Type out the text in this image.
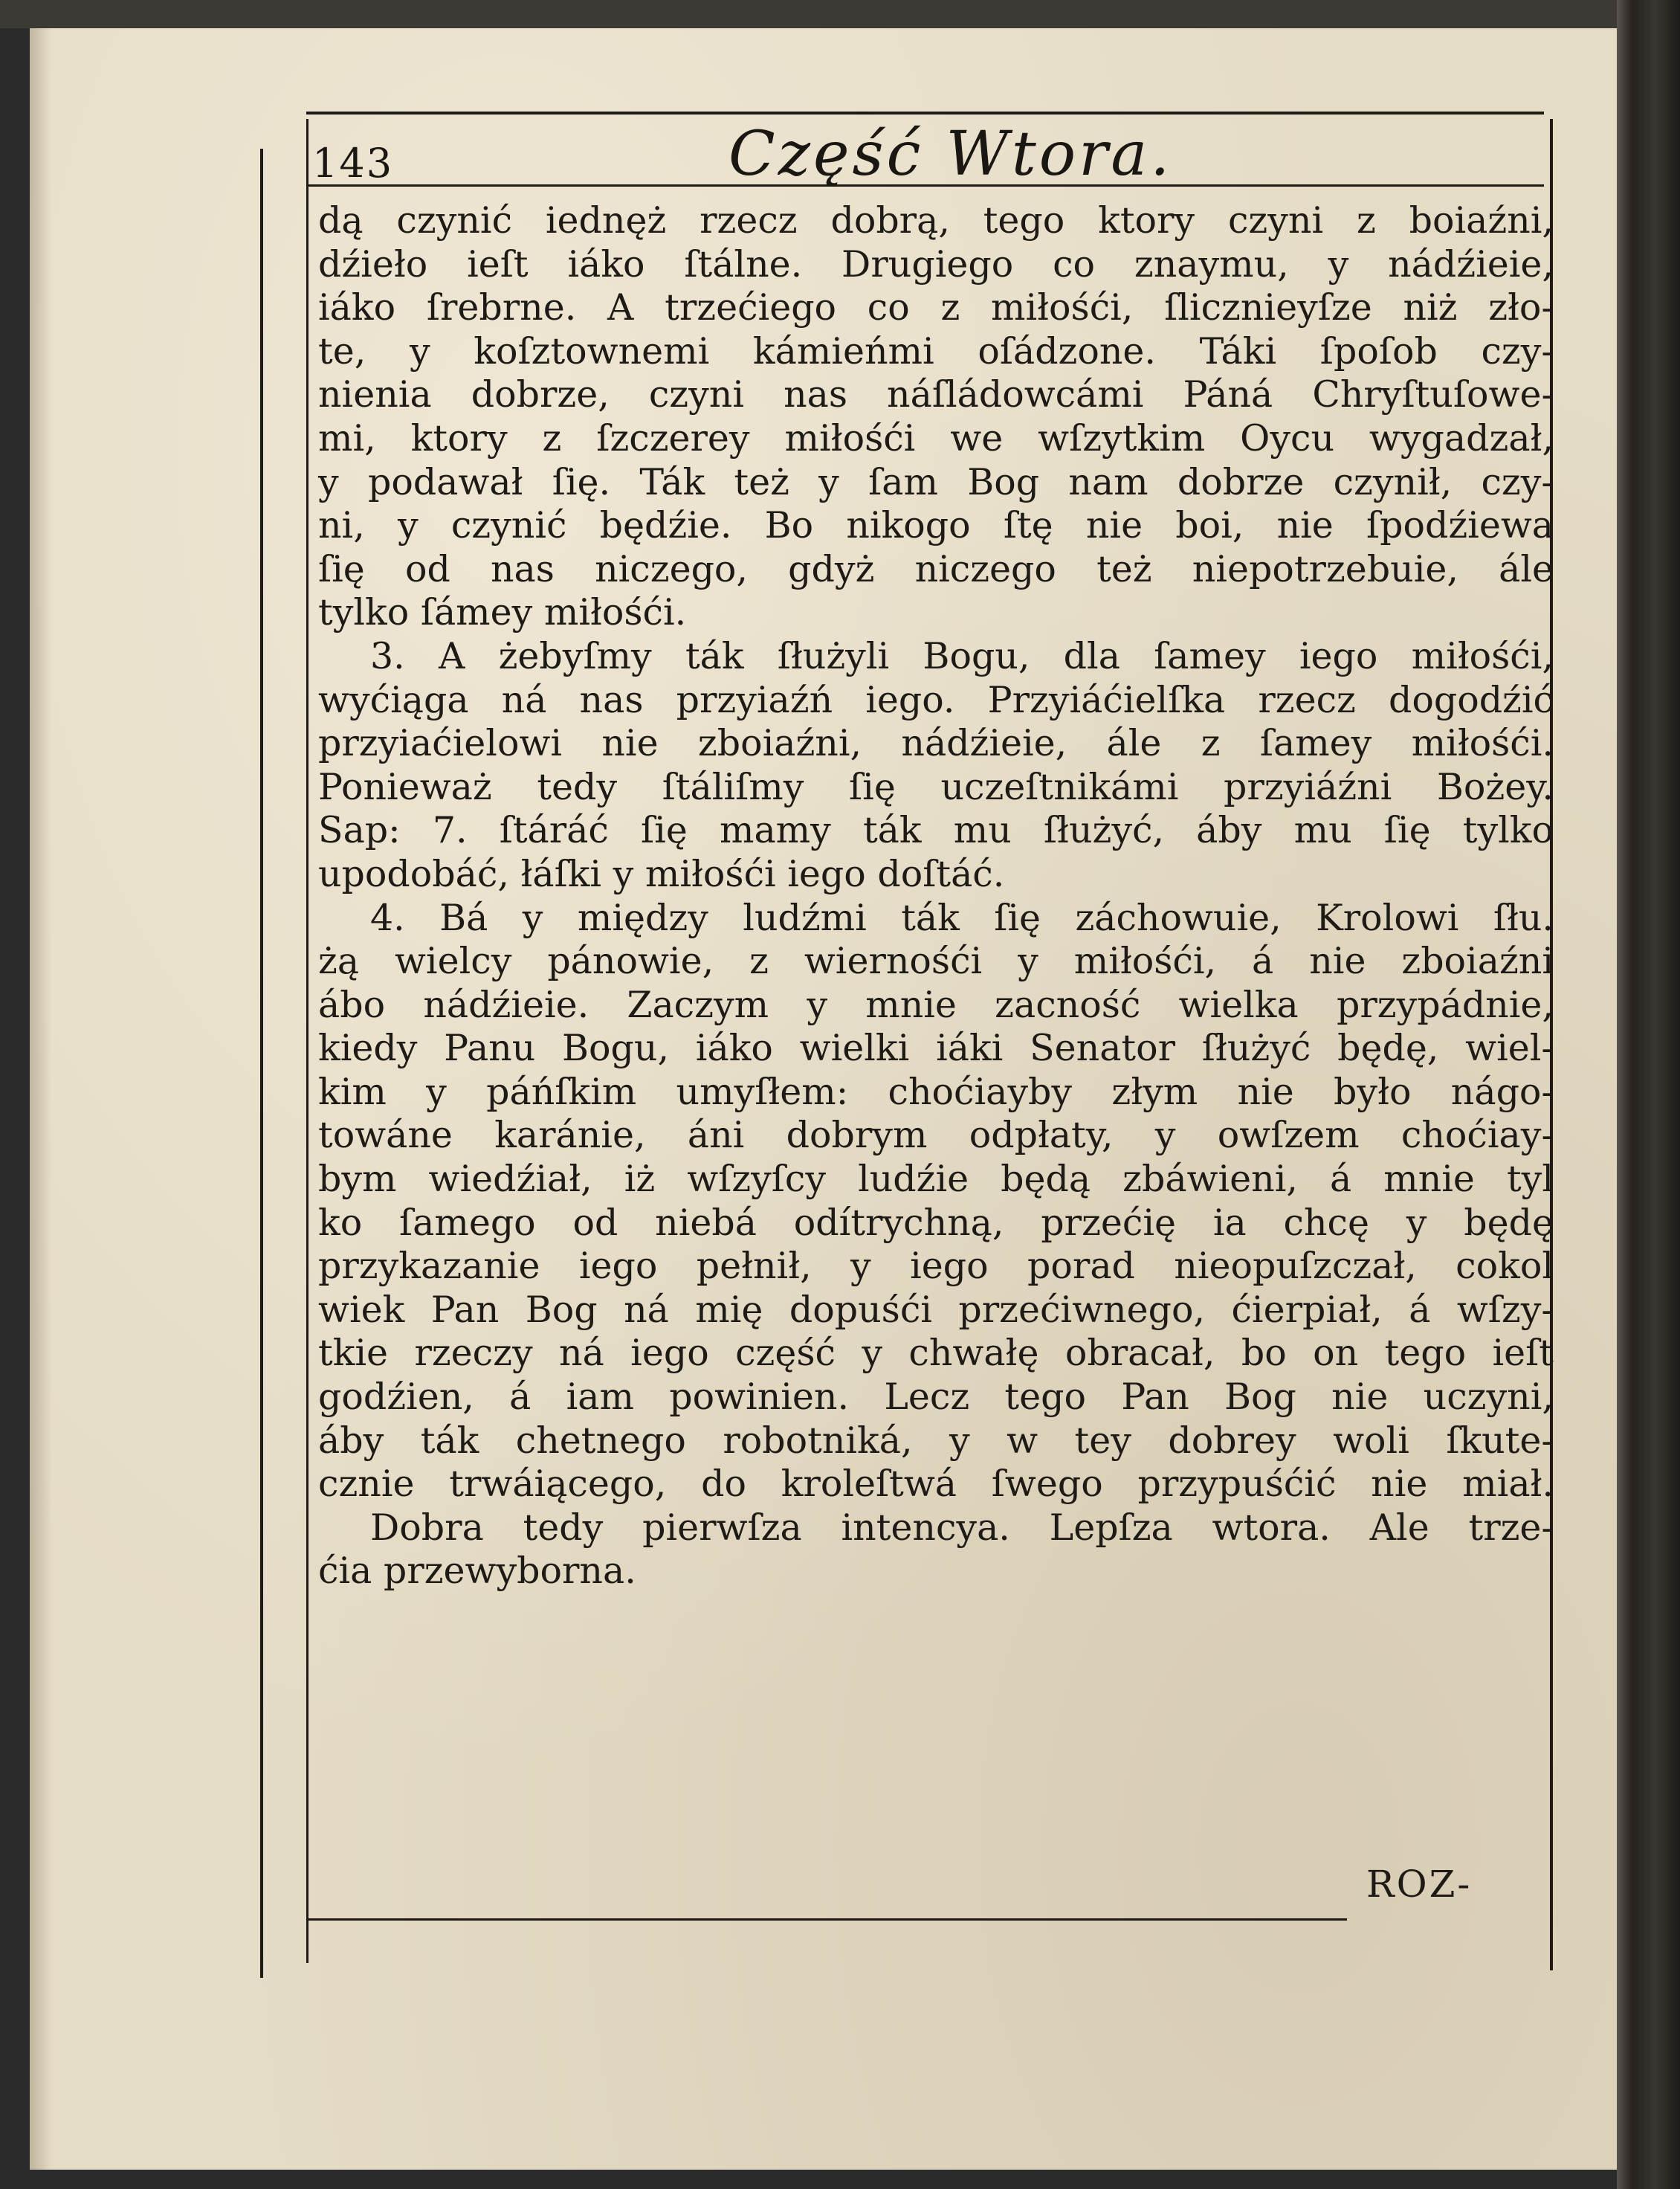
143	Część Wtora.
dą czynić iednęż rzecz dobrą, tego ktory czyni z boiaźni,
dźieło ieſt iáko ſtálne. Drugiego co znaymu, y nádźieie,
iáko ſrebrne. A trzećiego co z miłośći, ſlicznieyſze niż zło-
te, y koſztownemi kámieńmi oſádzone. Táki ſpoſob czy-
nienia dobrze, czyni nas náſládowcámi Páná Chryſtuſowe-
mi, ktory z ſzczerey miłośći we wſzytkim Oycu wygadzał,
y podawał ſię. Ták też y ſam Bog nam dobrze czynił, czy-
ni, y czynić będźie. Bo nikogo ſtę nie boi, nie ſpodźiewa
ſię od nas niczego, gdyż niczego też niepotrzebuie, ále
tylko ſámey miłośći.
3. A żebyſmy ták ſłużyli Bogu, dla ſamey iego miłośći,
wyćiąga ná nas przyiaźń iego. Przyiáćielſka rzecz dogodźić
przyiaćielowi nie zboiaźni, nádźieie, ále z ſamey miłośći.
Ponieważ tedy ſtáliſmy ſię uczeſtnikámi przyiáźni Bożey.
Sap: 7. ſtáráć ſię mamy ták mu ſłużyć, áby mu ſię tylko
upodobáć, łáſki y miłośći iego doſtáć.
4. Bá y między ludźmi ták ſię záchowuie, Krolowi ſłu.
żą wielcy pánowie, z wiernośći y miłośći, á nie zboiaźni
ábo nádźieie. Zaczym y mnie zacność wielka przypádnie,
kiedy Panu Bogu, iáko wielki iáki Senator ſłużyć będę, wiel-
kim y páńſkim umyſłem: choćiayby złym nie było nágo-
towáne karánie, áni dobrym odpłaty, y owſzem choćiay-
bym wiedźiał, iż wſzyſcy ludźie będą zbáwieni, á mnie tyl
ko ſamego od niebá odítrychną, przećię ia chcę y będę
przykazanie iego pełnił, y iego porad nieopuſzczał, cokol
wiek Pan Bog ná mię dopuśći przećiwnego, ćierpiał, á wſzy-
tkie rzeczy ná iego część y chwałę obracał, bo on tego ieſt
godźien, á iam powinien. Lecz tego Pan Bog nie uczyni,
áby ták chetnego robotniká, y w tey dobrey woli ſkute-
cznie trwáiącego, do kroleſtwá ſwego przypuśćić nie miał.
Dobra tedy pierwſza intencya. Lepſza wtora. Ale trze-
ćia przewyborna.
ROZ-
